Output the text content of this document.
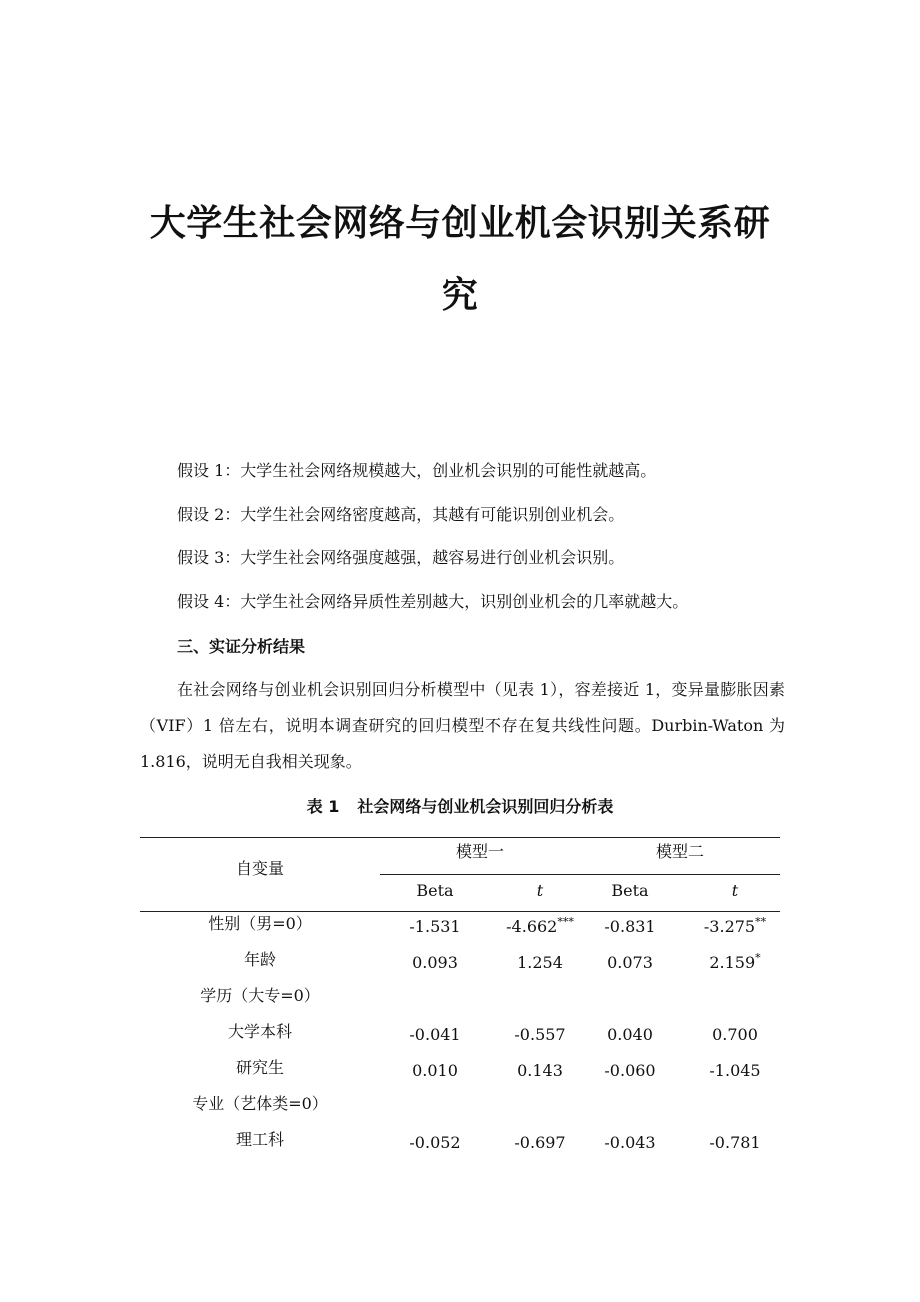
大学生社会网络与创业机会识别关系研
究
假设 1：大学生社会网络规模越大，创业机会识别的可能性就越高。
假设 2：大学生社会网络密度越高，其越有可能识别创业机会。
假设 3：大学生社会网络强度越强，越容易进行创业机会识别。
假设 4：大学生社会网络异质性差别越大，识别创业机会的几率就越大。
三、实证分析结果
在社会网络与创业机会识别回归分析模型中（见表 1），容差接近 1，变异量膨胀因素（VIF）1 倍左右，说明本调查研究的回归模型不存在复共线性问题。Durbin-Waton 为 1.816，说明无自我相关现象。
表 1 社会网络与创业机会识别回归分析表
自变量
模型一	模型二
Beta	t	Beta	t
性别（男=0）	-1.531	-4.662***	-0.831	-3.275**
年龄	0.093	1.254	0.073	2.159*
学历（大专=0）
大学本科	-0.041	-0.557	0.040	0.700
研究生	0.010	0.143	-0.060	-1.045
专业（艺体类=0）
理工科	-0.052	-0.697	-0.043	-0.781
